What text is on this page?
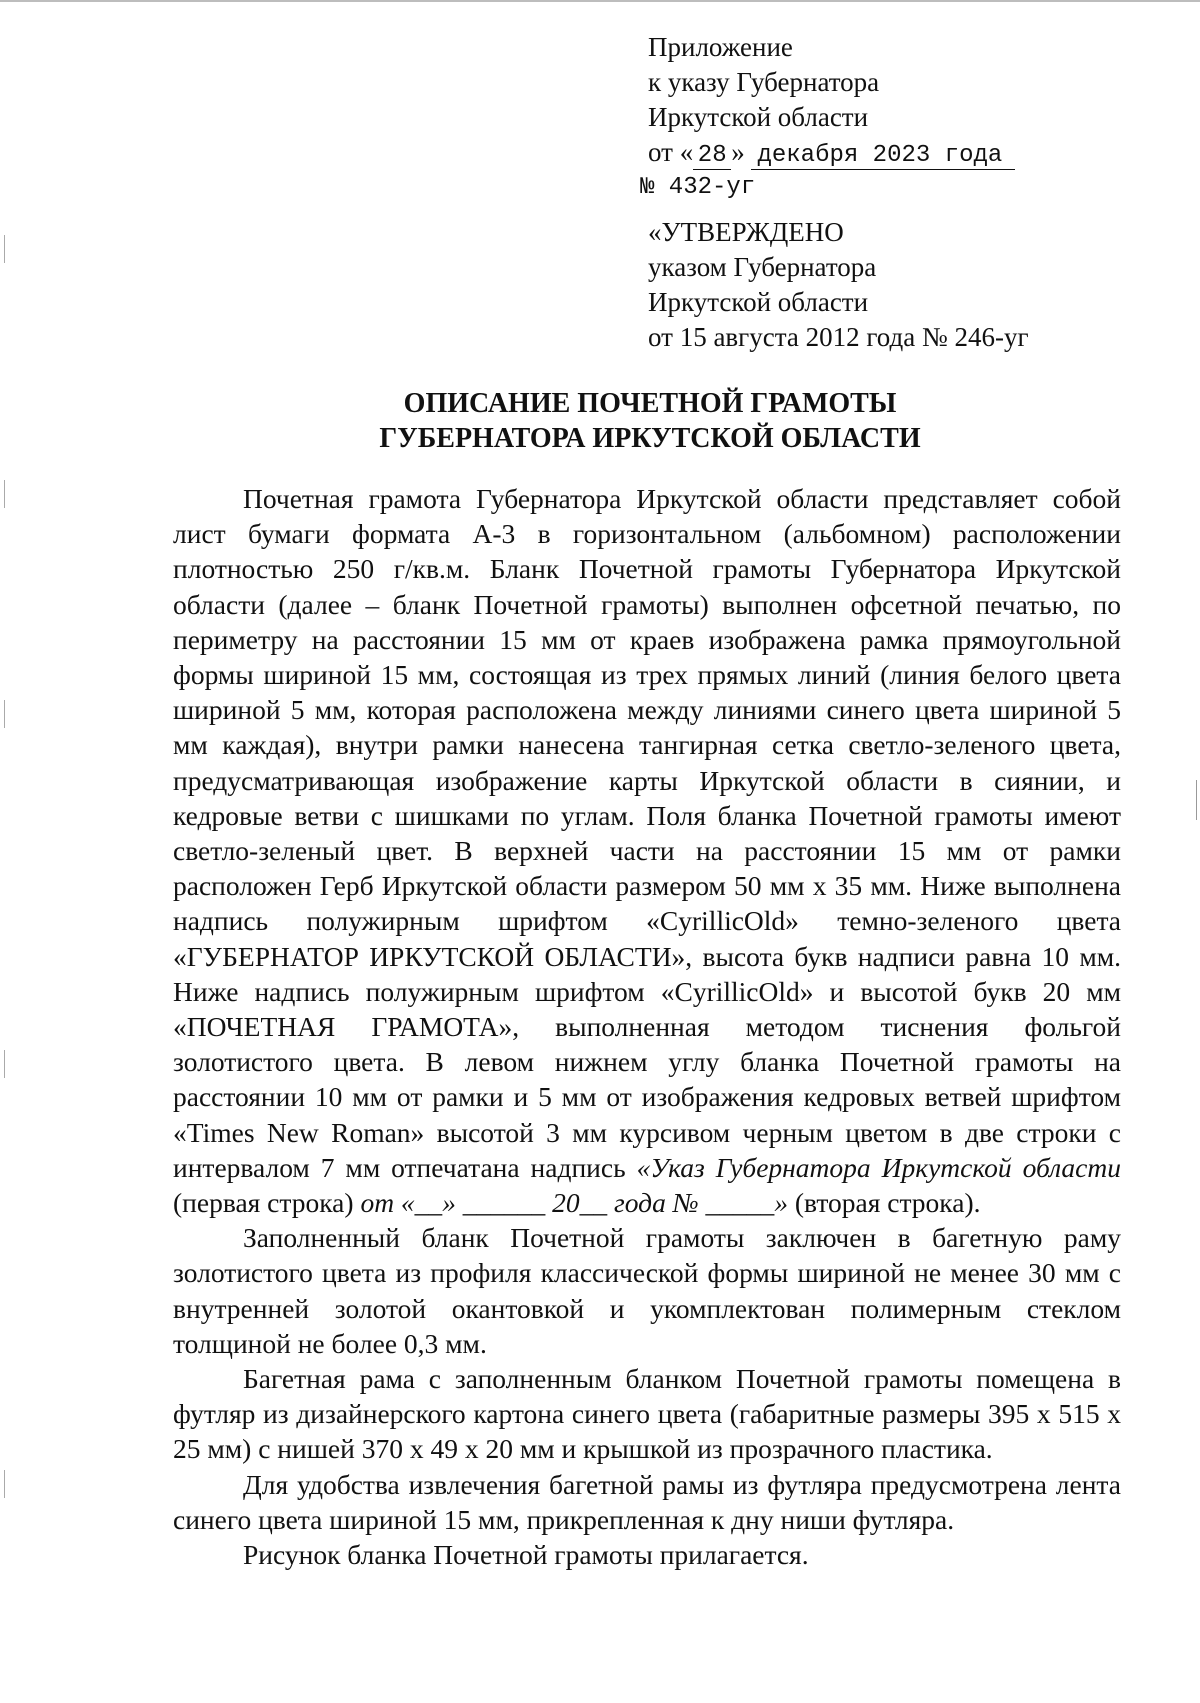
Приложение
к указу Губернатора
Иркутской области
от « 28 » декабря 2023 года
№ 432-уг
«УТВЕРЖДЕНО
указом Губернатора
Иркутской области
от 15 августа 2012 года № 246-уг
ОПИСАНИЕ ПОЧЕТНОЙ ГРАМОТЫ
ГУБЕРНАТОРА ИРКУТСКОЙ ОБЛАСТИ

Почетная грамота Губернатора Иркутской области представляет собой лист бумаги формата А-3 в горизонтальном (альбомном) расположении плотностью 250 г/кв.м. Бланк Почетной грамоты Губернатора Иркутской области (далее – бланк Почетной грамоты) выполнен офсетной печатью, по периметру на расстоянии 15 мм от краев изображена рамка прямоугольной формы шириной 15 мм, состоящая из трех прямых линий (линия белого цвета шириной 5 мм, которая расположена между линиями синего цвета шириной 5 мм каждая), внутри рамки нанесена тангирная сетка светло-зеленого цвета, предусматривающая изображение карты Иркутской области в сиянии, и кедровые ветви с шишками по углам. Поля бланка Почетной грамоты имеют светло-зеленый цвет. В верхней части на расстоянии 15 мм от рамки расположен Герб Иркутской области размером 50 мм х 35 мм. Ниже выполнена надпись полужирным шрифтом «CyrillicOld» темно-зеленого цвета «ГУБЕРНАТОР ИРКУТСКОЙ ОБЛАСТИ», высота букв надписи равна 10 мм. Ниже надпись полужирным шрифтом «CyrillicOld» и высотой букв 20 мм «ПОЧЕТНАЯ ГРАМОТА», выполненная методом тиснения фольгой золотистого цвета. В левом нижнем углу бланка Почетной грамоты на расстоянии 10 мм от рамки и 5 мм от изображения кедровых ветвей шрифтом «Times New Roman» высотой 3 мм курсивом черным цветом в две строки с интервалом 7 мм отпечатана надпись «Указ Губернатора Иркутской области (первая строка) от «__» ______ 20__ года № _____» (вторая строка).

Заполненный бланк Почетной грамоты заключен в багетную раму золотистого цвета из профиля классической формы шириной не менее 30 мм с внутренней золотой окантовкой и укомплектован полимерным стеклом толщиной не более 0,3 мм.

Багетная рама с заполненным бланком Почетной грамоты помещена в футляр из дизайнерского картона синего цвета (габаритные размеры 395 х 515 х 25 мм) с нишей 370 х 49 х 20 мм и крышкой из прозрачного пластика.

Для удобства извлечения багетной рамы из футляра предусмотрена лента синего цвета шириной 15 мм, прикрепленная к дну ниши футляра.

Рисунок бланка Почетной грамоты прилагается.
